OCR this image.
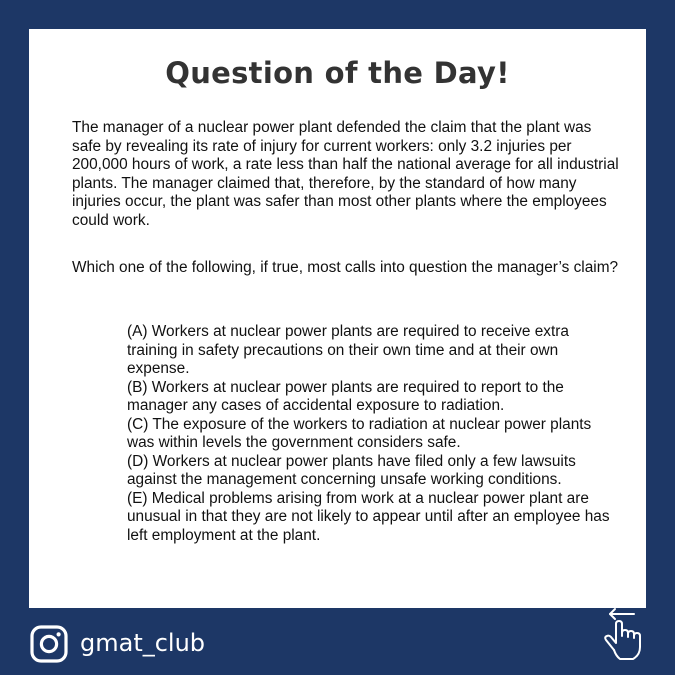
Question of the Day!

The manager of a nuclear power plant defended the claim that the plant was safe by revealing its rate of injury for current workers: only 3.2 injuries per 200,000 hours of work, a rate less than half the national average for all industrial plants. The manager claimed that, therefore, by the standard of how many injuries occur, the plant was safer than most other plants where the employees could work.

Which one of the following, if true, most calls into question the manager’s claim?

(A) Workers at nuclear power plants are required to receive extra training in safety precautions on their own time and at their own expense.
(B) Workers at nuclear power plants are required to report to the manager any cases of accidental exposure to radiation.
(C) The exposure of the workers to radiation at nuclear power plants was within levels the government considers safe.
(D) Workers at nuclear power plants have filed only a few lawsuits against the management concerning unsafe working conditions.
(E) Medical problems arising from work at a nuclear power plant are unusual in that they are not likely to appear until after an employee has left employment at the plant.
gmat_club
